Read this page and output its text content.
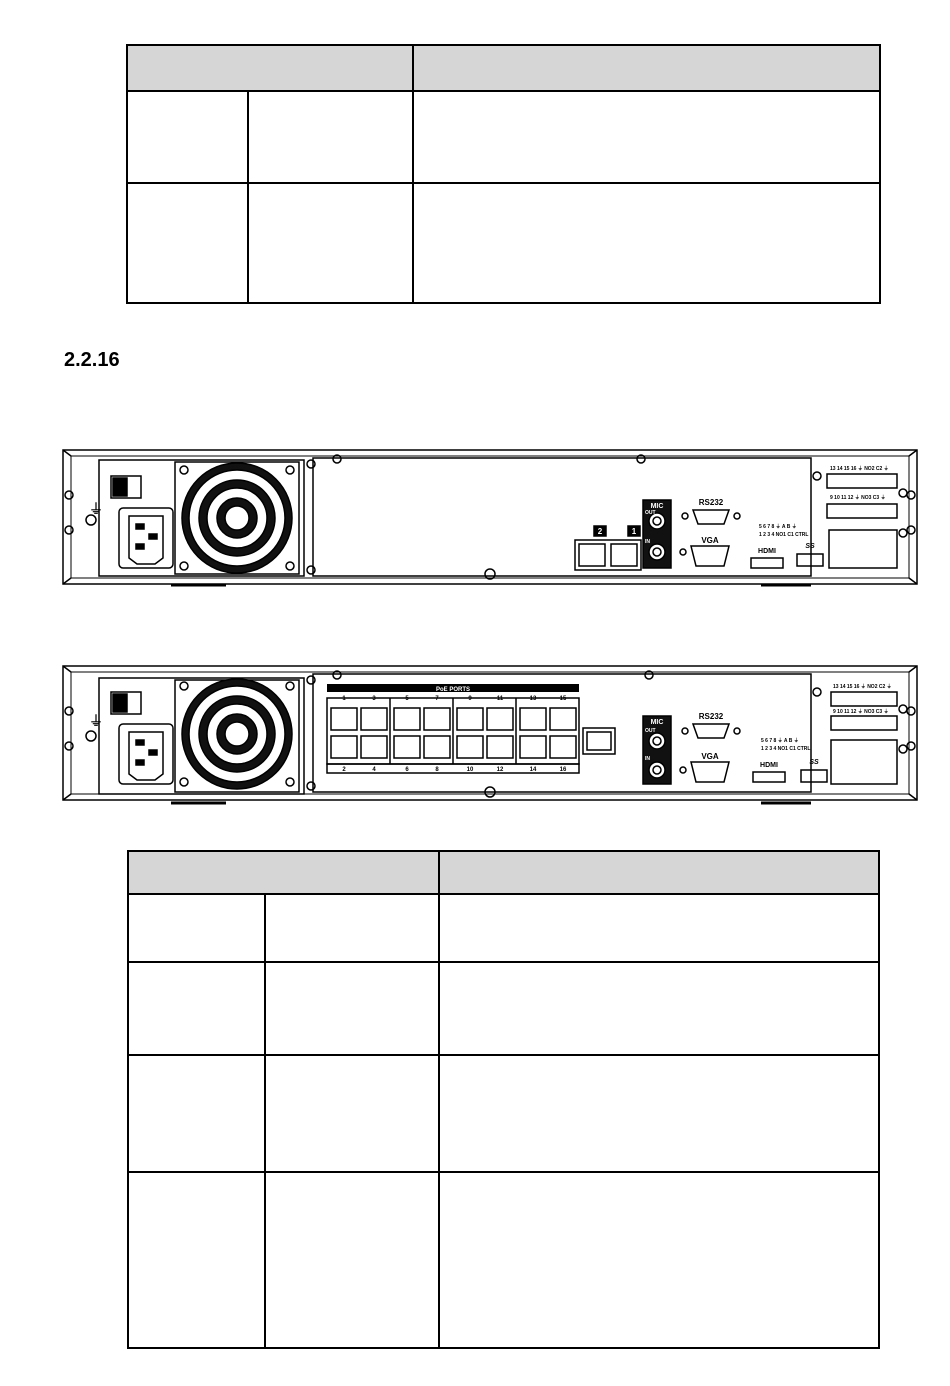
2.2.16
⏚
2	1
MIC
OUT
IN
RS232
VGA
HDMI
SS
13 14 15 16 ⏚ NO2 C2 ⏚
9 10 11 12 ⏚ NO3 C3 ⏚
5 6 7 8 ⏚ A B ⏚
1 2 3 4 NO1 C1 CTRL
⏚
PoE PORTS
1	3	5	7	9	11	13	15
2	4	6	8	10	12	14	16
MIC
OUT
IN
RS232
VGA
HDMI	SS
13 14 15 16 ⏚ NO2 C2 ⏚
9 10 11 12 ⏚ NO3 C3 ⏚
5 6 7 8 ⏚ A B ⏚
1 2 3 4 NO1 C1 CTRL
